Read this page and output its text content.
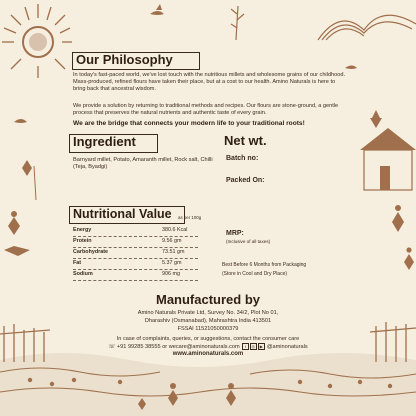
Our Philosophy
In today's fast-paced world, we've lost touch with the nutritious millets and wholesome grains of our childhood. Mass-produced, refined flours have taken their place, but at a cost to our health. Amino Naturals is here to bring back that ancestral wisdom.
We provide a solution by returning to traditional methods and recipes. Our flours are stone-ground, a gentle process that preserves the natural nutrients and authentic taste of every grain.
We are the bridge that connects your modern life to your traditional roots!
Ingredient
Barnyard millet, Potato, Amaranth millet, Rock salt, Chilli (Teja, Byadgi)
Nutritional Value	as per 100g
Energy	380.6 Kcal
Protein	9.56 gm
Carbohydrate	73.51 gm
Fat	5.37 gm
Sodium	906 mg
Net wt.
Batch no:
Packed On:
MRP:
(Inclusive of all taxes)
Best Before 6 Months from Packaging
(Store in Cool and Dry Place)
Manufactured by
Amino Naturals Private Ltd, Survey No. 34/2, Plot No 01,
Dharashiv (Osmanabad), Mahrashtra India 413501
FSSAI 11521050000379
In case of complaints, queries, or suggestions, contact the consumer care
☏ +91 99285 38555 or wecare@aminonaturals.com f ◎ ▶ @aminonaturals
www.aminonaturals.com
